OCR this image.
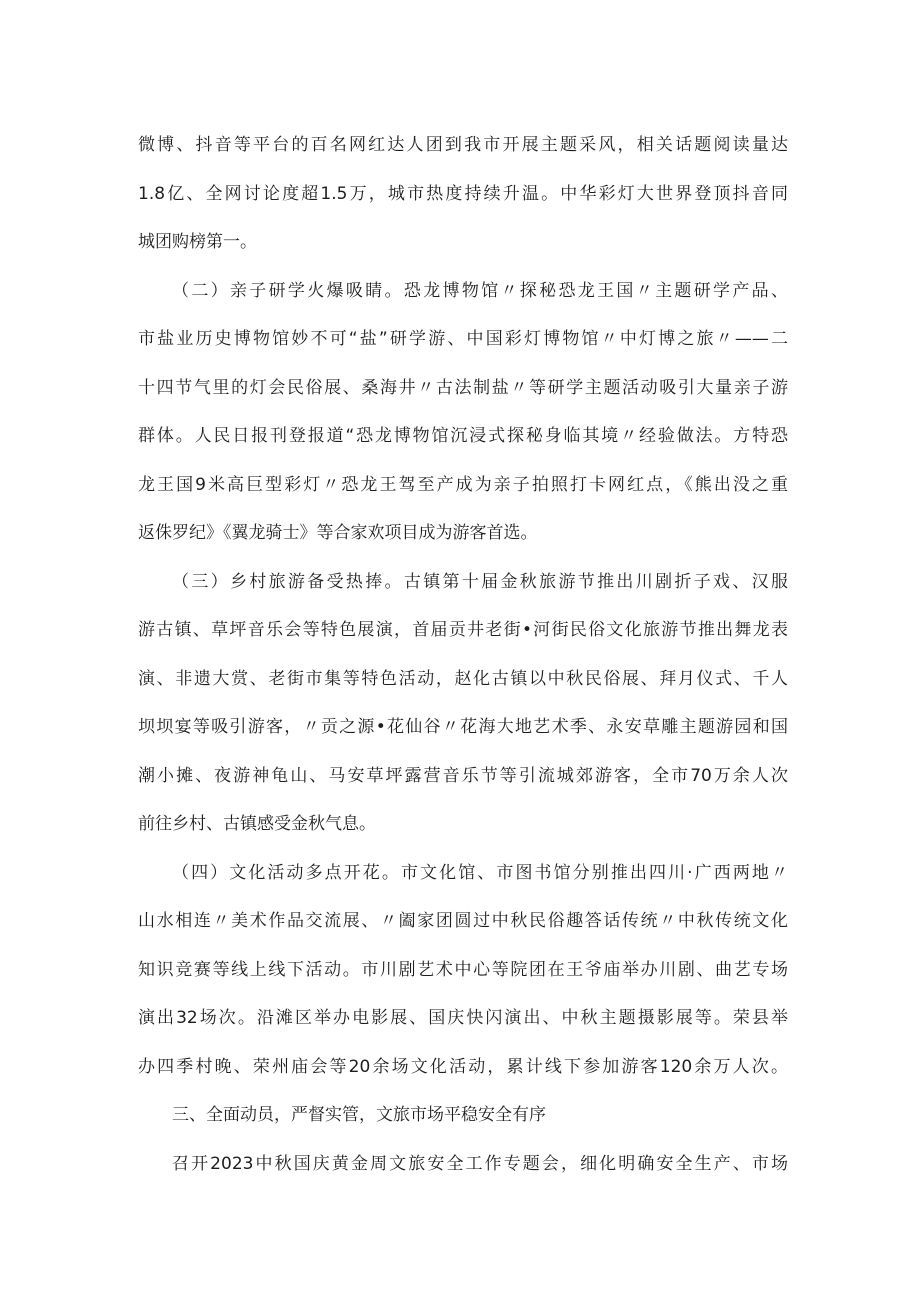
微博、抖音等平台的百名网红达人团到我市开展主题采风，相关话题阅读量达
1.8亿、全网讨论度超1.5万，城市热度持续升温。中华彩灯大世界登顶抖音同
城团购榜第一。
（二）亲子研学火爆吸睛。恐龙博物馆〃探秘恐龙王国〃主题研学产品、
市盐业历史博物馆妙不可“盐”研学游、中国彩灯博物馆〃中灯博之旅〃——二
十四节气里的灯会民俗展、桑海井〃古法制盐〃等研学主题活动吸引大量亲子游
群体。人民日报刊登报道“恐龙博物馆沉浸式探秘身临其境〃经验做法。方特恐
龙王国9米高巨型彩灯〃恐龙王驾至产成为亲子拍照打卡网红点，《熊出没之重
返侏罗纪》《翼龙骑士》等合家欢项目成为游客首选。
（三）乡村旅游备受热捧。古镇第十届金秋旅游节推出川剧折子戏、汉服
游古镇、草坪音乐会等特色展演，首届贡井老街•河街民俗文化旅游节推出舞龙表
演、非遗大赏、老街市集等特色活动，赵化古镇以中秋民俗展、拜月仪式、千人
坝坝宴等吸引游客，〃贡之源•花仙谷〃花海大地艺术季、永安草雕主题游园和国
潮小摊、夜游神龟山、马安草坪露营音乐节等引流城郊游客，全市70万余人次
前往乡村、古镇感受金秋气息。
（四）文化活动多点开花。市文化馆、市图书馆分别推出四川·广西两地〃
山水相连〃美术作品交流展、〃阖家团圆过中秋民俗趣答话传统〃中秋传统文化
知识竞赛等线上线下活动。市川剧艺术中心等院团在王爷庙举办川剧、曲艺专场
演出32场次。沿滩区举办电影展、国庆快闪演出、中秋主题摄影展等。荣县举
办四季村晚、荣州庙会等20余场文化活动，累计线下参加游客120余万人次。
三、全面动员，严督实管，文旅市场平稳安全有序
召开2023中秋国庆黄金周文旅安全工作专题会，细化明确安全生产、市场
